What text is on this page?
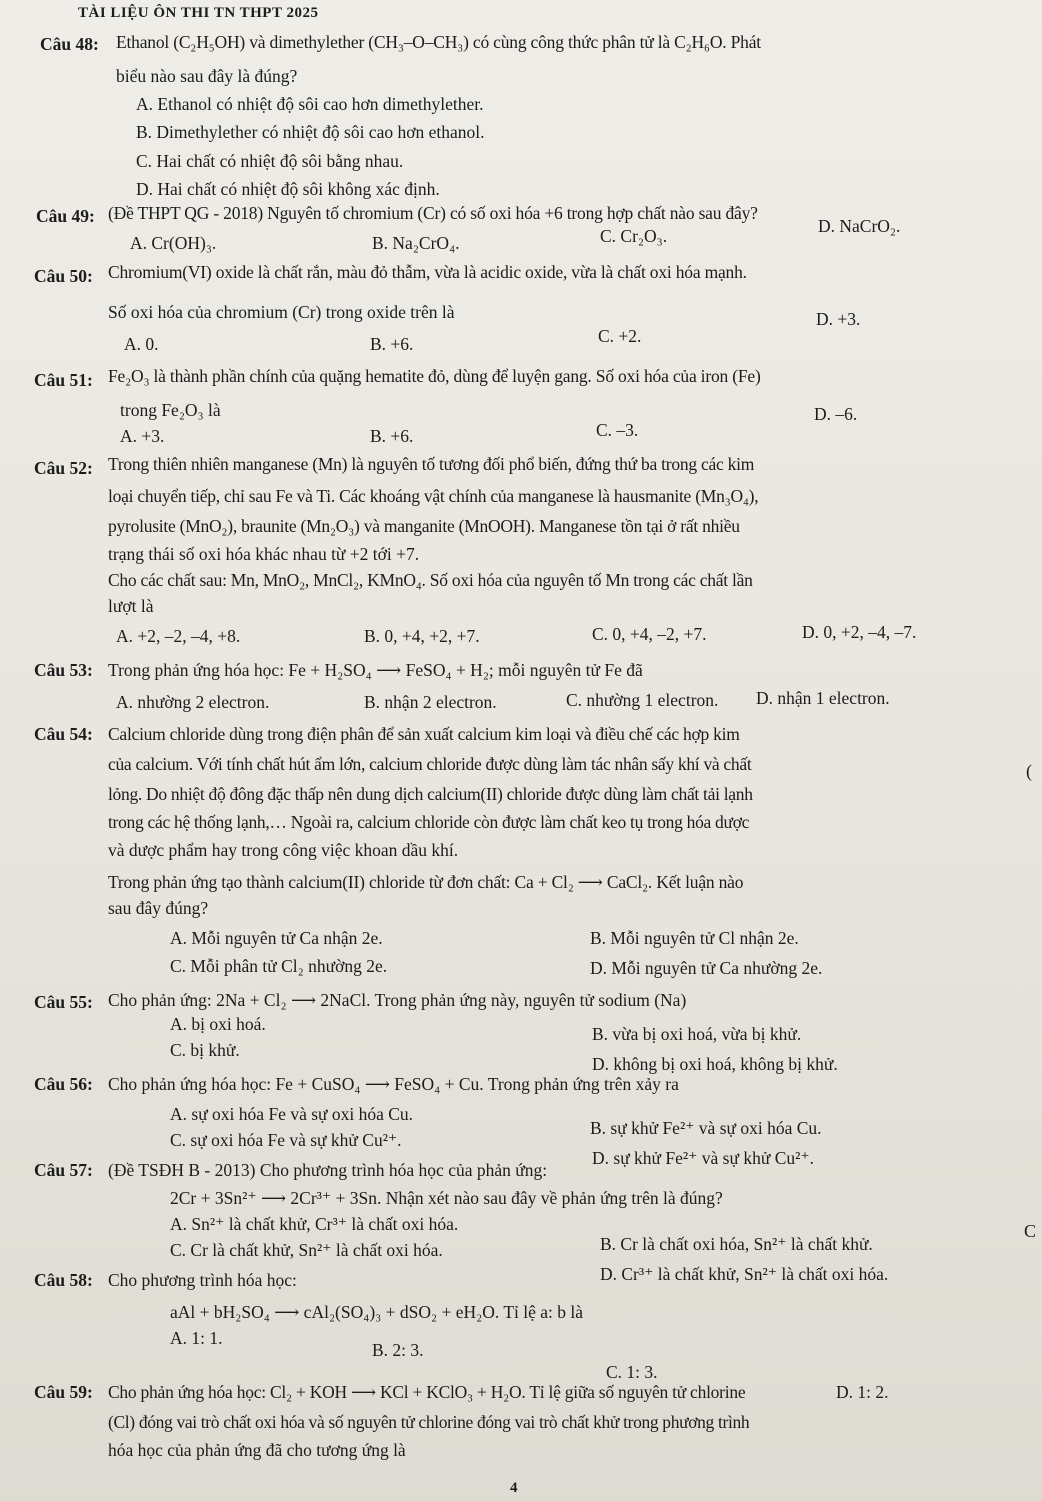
TÀI LIỆU ÔN THI TN THPT 2025
Câu 48: Ethanol (C₂H₅OH) và dimethylether (CH₃–O–CH₃) có cùng công thức phân tử là C₂H₆O. Phát
biểu nào sau đây là đúng?
A. Ethanol có nhiệt độ sôi cao hơn dimethylether.
B. Dimethylether có nhiệt độ sôi cao hơn ethanol.
C. Hai chất có nhiệt độ sôi bằng nhau.
D. Hai chất có nhiệt độ sôi không xác định.
Câu 49: (Đề THPT QG - 2018) Nguyên tố chromium (Cr) có số oxi hóa +6 trong hợp chất nào sau đây?
A. Cr(OH)₃.	B. Na₂CrO₄.	C. Cr₂O₃.	D. NaCrO₂.
Câu 50: Chromium(VI) oxide là chất rắn, màu đỏ thẫm, vừa là acidic oxide, vừa là chất oxi hóa mạnh.
Số oxi hóa của chromium (Cr) trong oxide trên là
A. 0.	B. +6.	C. +2.
D. +3.
Câu 51: Fe₂O₃ là thành phần chính của quặng hematite đỏ, dùng để luyện gang. Số oxi hóa của iron (Fe)
trong Fe₂O₃ là
A. +3.	B. +6.	C. –3.
D. –6.
Câu 52: Trong thiên nhiên manganese (Mn) là nguyên tố tương đối phổ biến, đứng thứ ba trong các kim
loại chuyển tiếp, chỉ sau Fe và Ti. Các khoáng vật chính của manganese là hausmanite (Mn₃O₄),
pyrolusite (MnO₂), braunite (Mn₂O₃) và manganite (MnOOH). Manganese tồn tại ở rất nhiều
trạng thái số oxi hóa khác nhau từ +2 tới +7.
Cho các chất sau: Mn, MnO₂, MnCl₂, KMnO₄. Số oxi hóa của nguyên tố Mn trong các chất lần
lượt là
A. +2, –2, –4, +8.	B. 0, +4, +2, +7.	C. 0, +4, –2, +7.	D. 0, +2, –4, –7.
Câu 53: Trong phản ứng hóa học: Fe + H₂SO₄ ⟶ FeSO₄ + H₂; mỗi nguyên tử Fe đã
A. nhường 2 electron.	B. nhận 2 electron.	C. nhường 1 electron. D. nhận 1 electron.
Câu 54: Calcium chloride dùng trong điện phân để sản xuất calcium kim loại và điều chế các hợp kim
của calcium. Với tính chất hút ẩm lớn, calcium chloride được dùng làm tác nhân sấy khí và chất
lỏng. Do nhiệt độ đông đặc thấp nên dung dịch calcium(II) chloride được dùng làm chất tải lạnh
trong các hệ thống lạnh,… Ngoài ra, calcium chloride còn được làm chất keo tụ trong hóa dược
và dược phẩm hay trong công việc khoan dầu khí.
Trong phản ứng tạo thành calcium(II) chloride từ đơn chất: Ca + Cl₂ ⟶ CaCl₂. Kết luận nào
sau đây đúng?
A. Mỗi nguyên tử Ca nhận 2e.	B. Mỗi nguyên tử Cl nhận 2e.
C. Mỗi phân tử Cl₂ nhường 2e.	D. Mỗi nguyên tử Ca nhường 2e.
Câu 55: Cho phản ứng: 2Na + Cl₂ ⟶ 2NaCl. Trong phản ứng này, nguyên tử sodium (Na)
A. bị oxi hoá.	B. vừa bị oxi hoá, vừa bị khử.
C. bị khử.
D. không bị oxi hoá, không bị khử.
Câu 56: Cho phản ứng hóa học: Fe + CuSO₄ ⟶ FeSO₄ + Cu. Trong phản ứng trên xảy ra
A. sự oxi hóa Fe và sự oxi hóa Cu.
B. sự khử Fe²⁺ và sự oxi hóa Cu.
C. sự oxi hóa Fe và sự khử Cu²⁺.
D. sự khử Fe²⁺ và sự khử Cu²⁺.
Câu 57: (Đề TSĐH B - 2013) Cho phương trình hóa học của phản ứng:
2Cr + 3Sn²⁺ ⟶ 2Cr³⁺ + 3Sn. Nhận xét nào sau đây về phản ứng trên là đúng?
A. Sn²⁺ là chất khử, Cr³⁺ là chất oxi hóa.
B. Cr là chất oxi hóa, Sn²⁺ là chất khử.
C. Cr là chất khử, Sn²⁺ là chất oxi hóa.
D. Cr³⁺ là chất khử, Sn²⁺ là chất oxi hóa.
Câu 58: Cho phương trình hóa học:
aAl + bH₂SO₄ ⟶ cAl₂(SO₄)₃ + dSO₂ + eH₂O. Tỉ lệ a: b là
A. 1: 1.
B. 2: 3.
C. 1: 3.
D. 1: 2.
Câu 59: Cho phản ứng hóa học: Cl₂ + KOH ⟶ KCl + KClO₃ + H₂O. Tỉ lệ giữa số nguyên tử chlorine
(Cl) đóng vai trò chất oxi hóa và số nguyên tử chlorine đóng vai trò chất khử trong phương trình
hóa học của phản ứng đã cho tương ứng là
(
C
4
